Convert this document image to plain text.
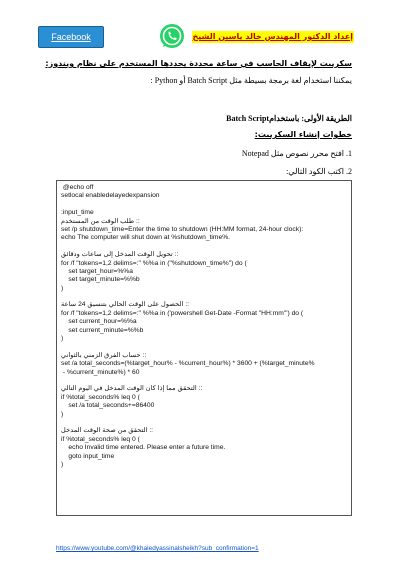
Facebook	إعداد الدكتور المهندس خالد ياسين الشيخ
سكريبت لإيقاف الحاسب في ساعة محددة يحددها المستخدم على نظام ويندوز:
يمكننا استخدام لغة برمجة بسيطة مثل Batch Script أو Python :
الطريقة الأولى: باستخدامBatch Script
خطوات إنشاء السكريبت:
1. افتح محرر نصوص مثل Notepad
2. اكتب الكود التالي:
@echo off
setlocal enabledelayedexpansion
:input_time
:: طلب الوقت من المستخدم
set /p shutdown_time=Enter the time to shutdown (HH:MM format, 24-hour clock):
echo The computer will shut down at %shutdown_time%.
:: تحويل الوقت المدخل إلى ساعات ودقائق
for /f "tokens=1,2 delims=:" %%a in ("%shutdown_time%") do (
set target_hour=%%a
set target_minute=%%b
)
:: الحصول على الوقت الحالي بتنسيق 24 ساعة
for /f "tokens=1,2 delims=:" %%a in ('powershell Get-Date -Format "HH:mm"') do (
set current_hour=%%a
set current_minute=%%b
)
:: حساب الفرق الزمني بالثواني
set /a total_seconds=(%target_hour% - %current_hour%) * 3600 + (%target_minute%
- %current_minute%) * 60
:: التحقق مما إذا كان الوقت المدخل في اليوم التالي
if %total_seconds% leq 0 (
set /a total_seconds+=86400
)
:: التحقق من صحة الوقت المدخل
if %total_seconds% leq 0 (
echo Invalid time entered. Please enter a future time.
goto input_time
)
https://www.youtube.com/@khaledyassinalsheikh?sub_confirmation=1
